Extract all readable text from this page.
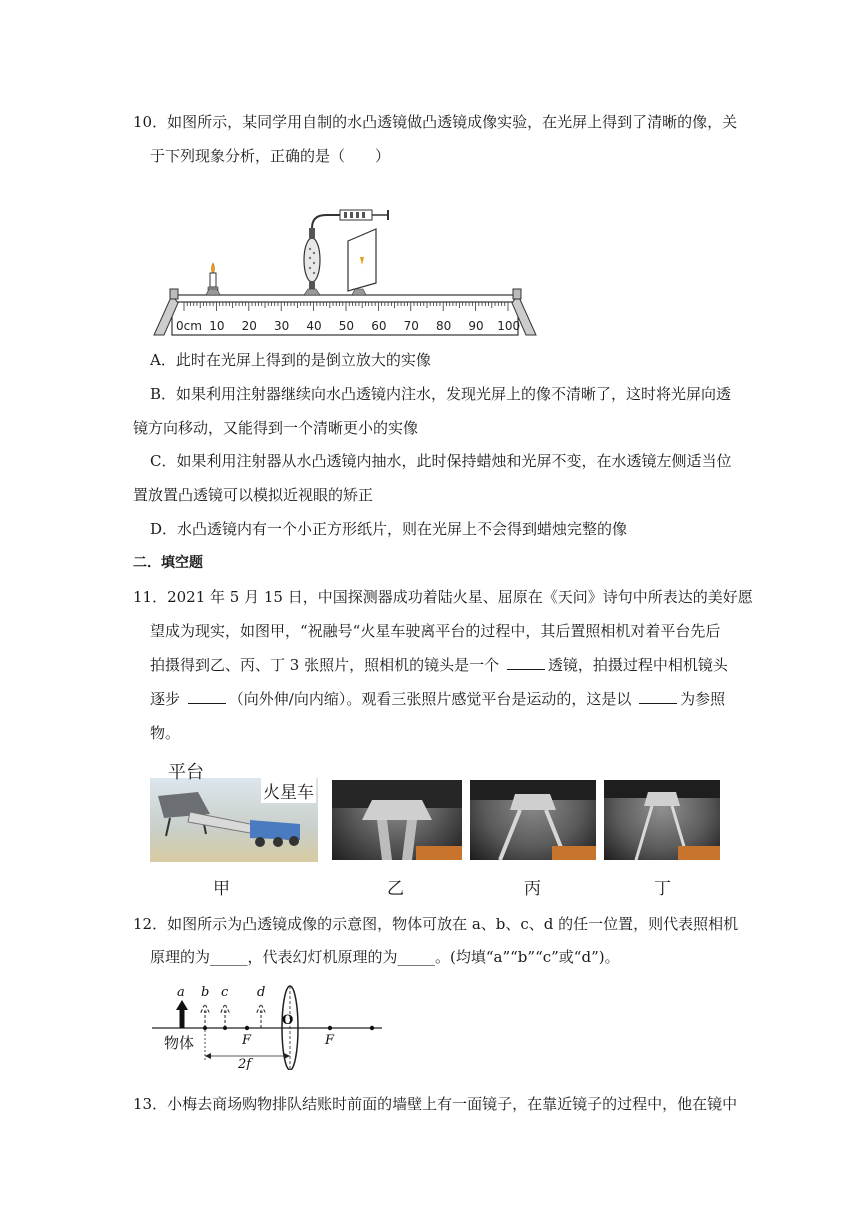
10．如图所示，某同学用自制的水凸透镜做凸透镜成像实验，在光屏上得到了清晰的像，关
于下列现象分析，正确的是（　　）
0cm 10 20 30 40 50 60 70 80 90 100
A．此时在光屏上得到的是倒立放大的实像
B．如果利用注射器继续向水凸透镜内注水，发现光屏上的像不清晰了，这时将光屏向透
镜方向移动，又能得到一个清晰更小的实像
C．如果利用注射器从水凸透镜内抽水，此时保持蜡烛和光屏不变，在水透镜左侧适当位
置放置凸透镜可以模拟近视眼的矫正
D．水凸透镜内有一个小正方形纸片，则在光屏上不会得到蜡烛完整的像
二．填空题
11．2021 年 5 月 15 日，中国探测器成功着陆火星、屈原在《天问》诗句中所表达的美好愿
望成为现实，如图甲，“祝融号“火星车驶离平台的过程中，其后置照相机对着平台先后
拍摄得到乙、丙、丁 3 张照片，照相机的镜头是一个	透镜，拍摄过程中相机镜头
逐步	（向外伸/向内缩）。观看三张照片感觉平台是运动的，这是以	为参照
物。
平台
火星车
甲	乙	丙	丁
12．如图所示为凸透镜成像的示意图，物体可放在 a、b、c、d 的任一位置，则代表照相机
原理的为_____，代表幻灯机原理的为_____。(均填“a”“b”“c”或“d”)。
a b c d
O
F	F
2f
物体
13．小梅去商场购物排队结账时前面的墙壁上有一面镜子，在靠近镜子的过程中，他在镜中
